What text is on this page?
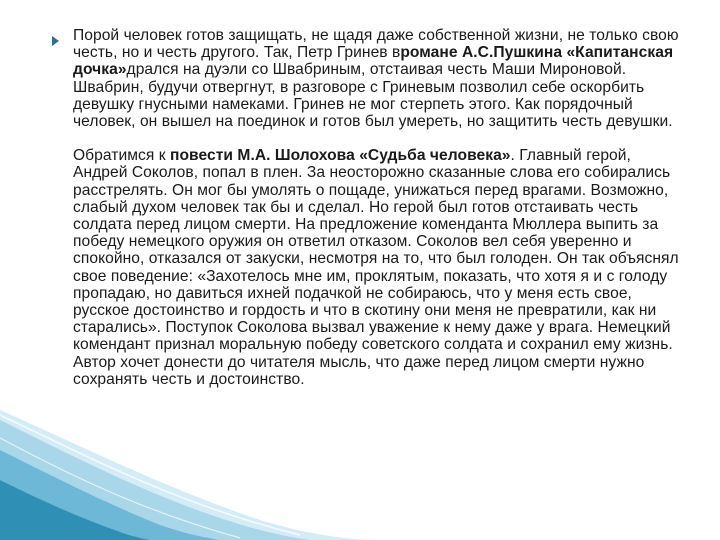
Порой человек готов защищать, не щадя даже собственной жизни, не только свою честь, но и честь другого. Так, Петр Гринев вромане А.С.Пушкина «Капитанская дочка»дрался на дуэли со Швабриным, отстаивая честь Маши Мироновой. Швабрин, будучи отвергнут, в разговоре с Гриневым позволил себе оскорбить девушку гнусными намеками. Гринев не мог стерпеть этого. Как порядочный человек, он вышел на поединок и готов был умереть, но защитить честь девушки.

Обратимся к повести М.А. Шолохова «Судьба человека». Главный герой, Андрей Соколов, попал в плен. За неосторожно сказанные слова его собирались расстрелять. Он мог бы умолять о пощаде, унижаться перед врагами. Возможно, слабый духом человек так бы и сделал. Но герой был готов отстаивать честь солдата перед лицом смерти. На предложение коменданта Мюллера выпить за победу немецкого оружия он ответил отказом. Соколов вел себя уверенно и спокойно, отказался от закуски, несмотря на то, что был голоден. Он так объяснял свое поведение: «Захотелось мне им, проклятым, показать, что хотя я и с голоду пропадаю, но давиться ихней подачкой не собираюсь, что у меня есть свое, русское достоинство и гордость и что в скотину они меня не превратили, как ни старались». Поступок Соколова вызвал уважение к нему даже у врага. Немецкий комендант признал моральную победу советского солдата и сохранил ему жизнь. Автор хочет донести до читателя мысль, что даже перед лицом смерти нужно сохранять честь и достоинство.
